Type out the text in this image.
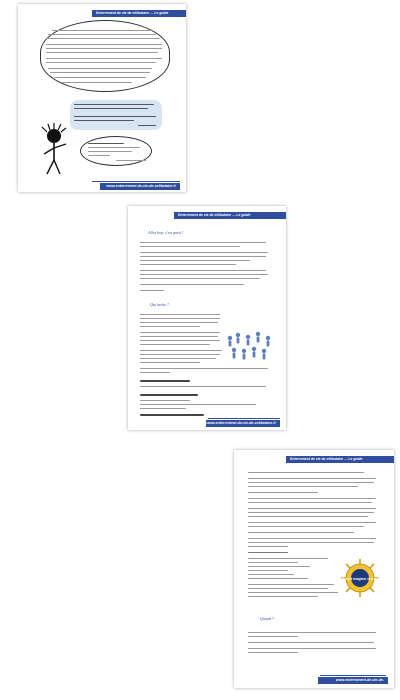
Enterrement de vie de célibataire — Le guide
www.enterrement-de-vie-de-celibataire.fr
Enterrement de vie de célibataire — Le guide
Allez hop, c'est parti !
Qui invite ?
www.enterrement-de-vie-de-celibataire.fr
Enterrement de vie de célibataire — Le guide
Les rêves à imaginer et à réaliser
Quand ?
www.enterrement-de-vie-de-celibataire.fr
